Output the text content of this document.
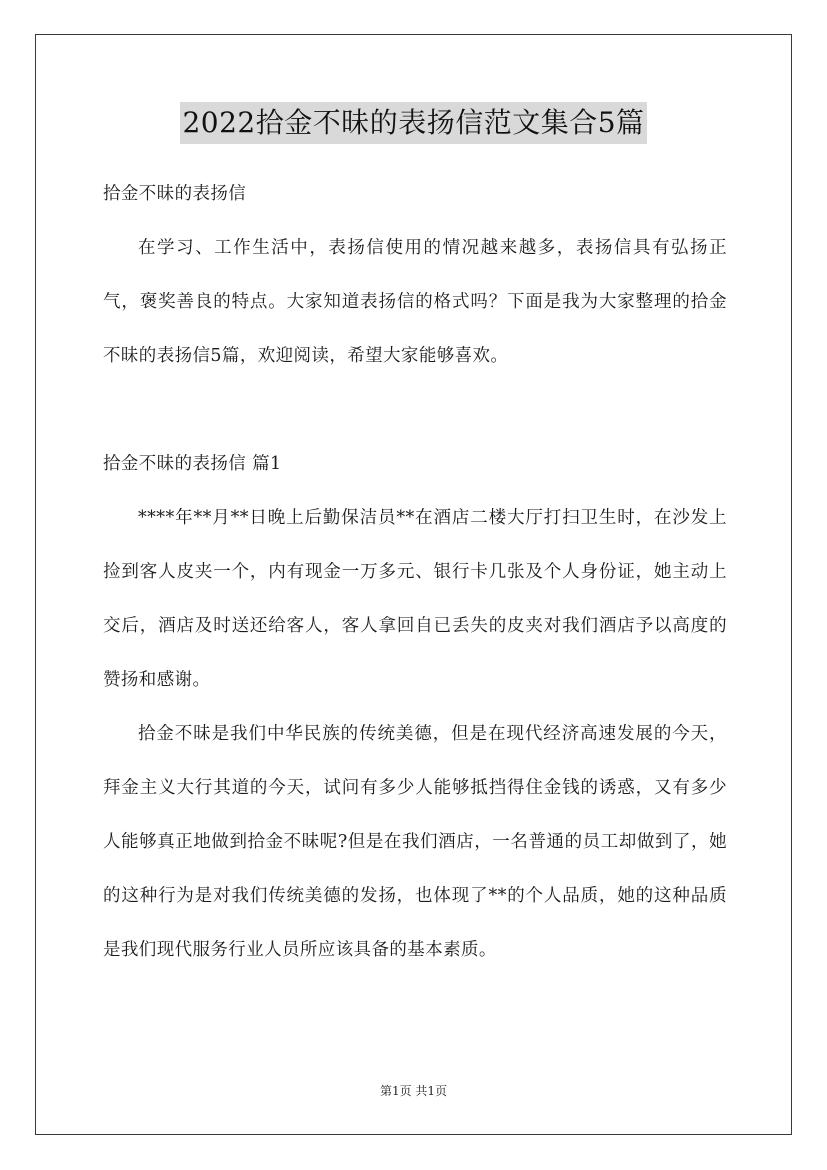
2022拾金不昧的表扬信范文集合5篇

拾金不昧的表扬信

在学习、工作生活中，表扬信使用的情况越来越多，表扬信具有弘扬正气，褒奖善良的特点。大家知道表扬信的格式吗？下面是我为大家整理的拾金不昧的表扬信5篇，欢迎阅读，希望大家能够喜欢。

拾金不昧的表扬信 篇1

****年**月**日晚上后勤保洁员**在酒店二楼大厅打扫卫生时，在沙发上捡到客人皮夹一个，内有现金一万多元、银行卡几张及个人身份证，她主动上交后，酒店及时送还给客人，客人拿回自已丢失的皮夹对我们酒店予以高度的赞扬和感谢。

拾金不昧是我们中华民族的传统美德，但是在现代经济高速发展的今天，拜金主义大行其道的今天，试问有多少人能够抵挡得住金钱的诱惑，又有多少人能够真正地做到拾金不昧呢?但是在我们酒店，一名普通的员工却做到了，她的这种行为是对我们传统美德的发扬，也体现了**的个人品质，她的这种品质是我们现代服务行业人员所应该具备的基本素质。

第1页 共1页
